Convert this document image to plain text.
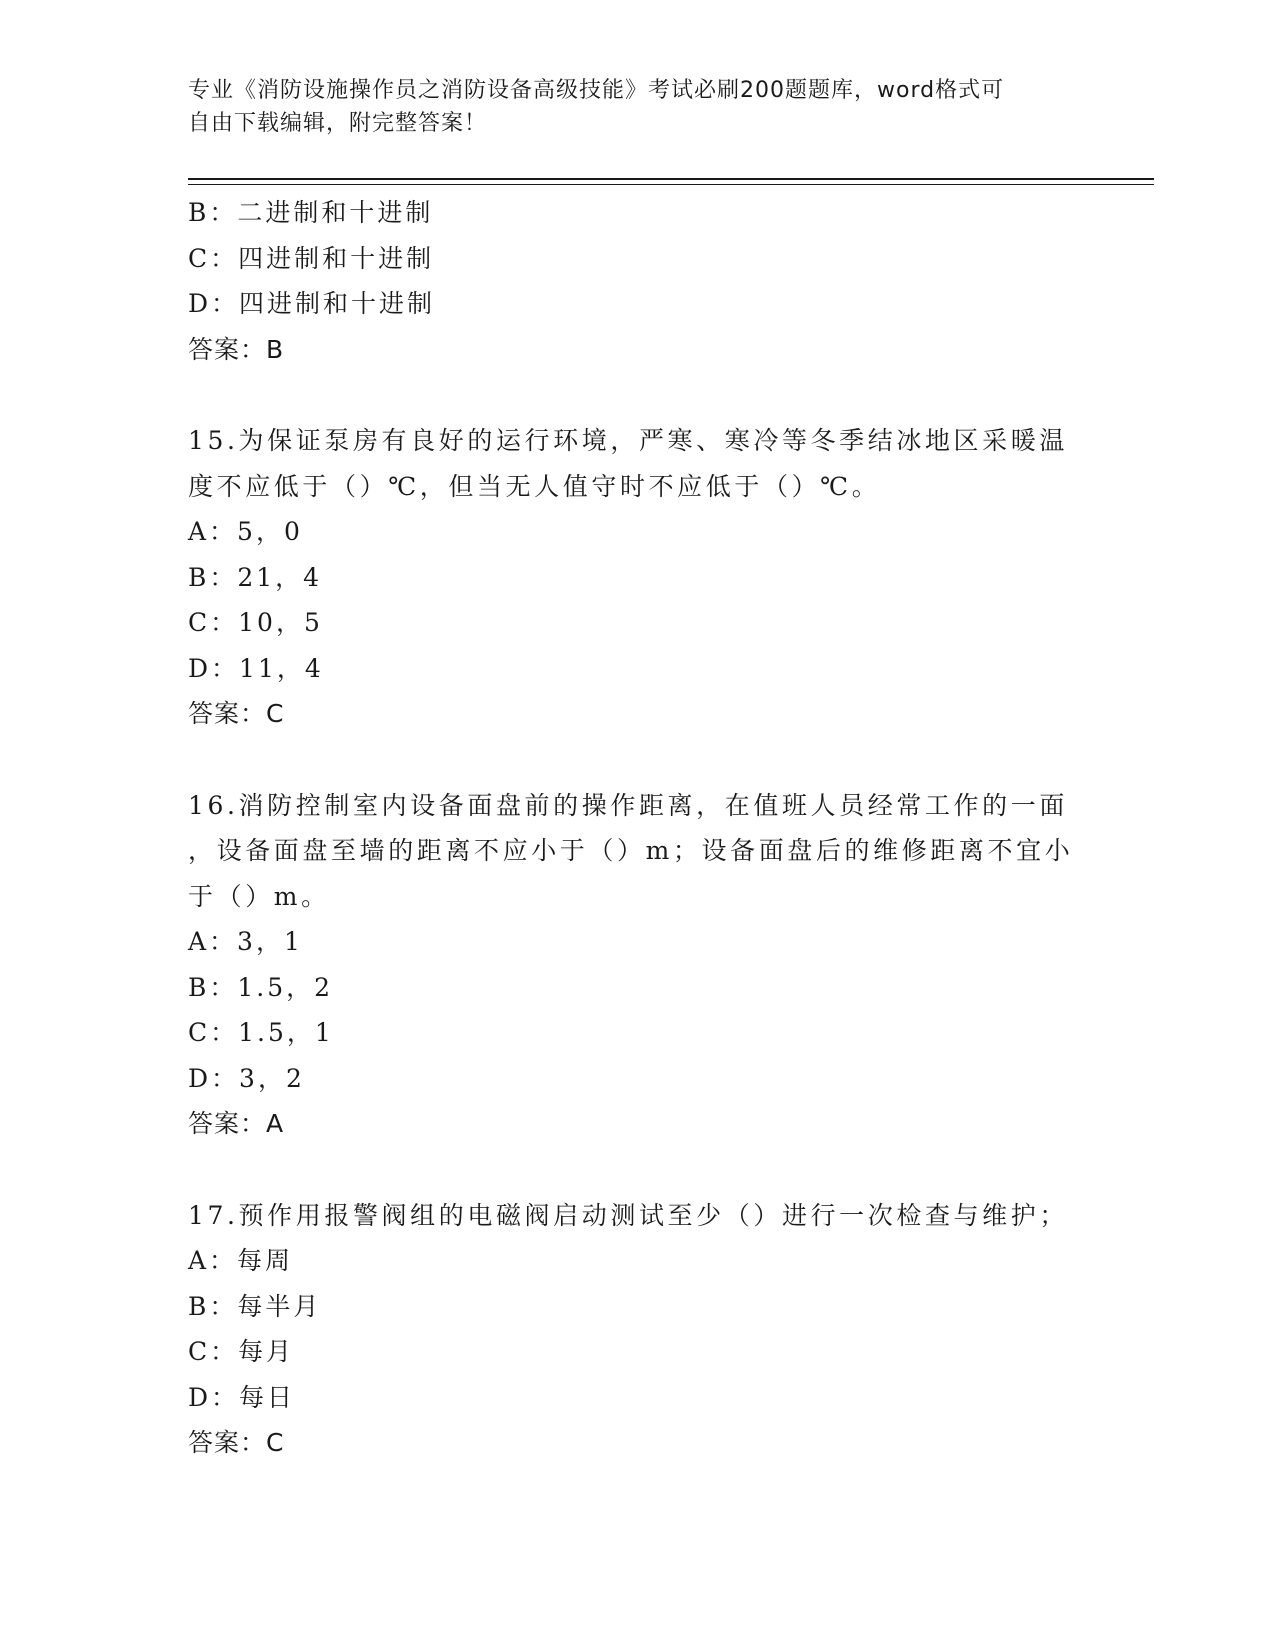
专业《消防设施操作员之消防设备高级技能》考试必刷200题题库，word格式可
自由下载编辑，附完整答案！
B：二进制和十进制
C：四进制和十进制
D：四进制和十进制
答案：B
15.为保证泵房有良好的运行环境，严寒、寒冷等冬季结冰地区采暖温
度不应低于（）℃，但当无人值守时不应低于（）℃。
A：5，0
B：21，4
C：10，5
D：11，4
答案：C
16.消防控制室内设备面盘前的操作距离，在值班人员经常工作的一面
，设备面盘至墙的距离不应小于（）m；设备面盘后的维修距离不宜小
于（）m。
A：3，1
B：1.5，2
C：1.5，1
D：3，2
答案：A
17.预作用报警阀组的电磁阀启动测试至少（）进行一次检查与维护；
A：每周
B：每半月
C：每月
D：每日
答案：C
